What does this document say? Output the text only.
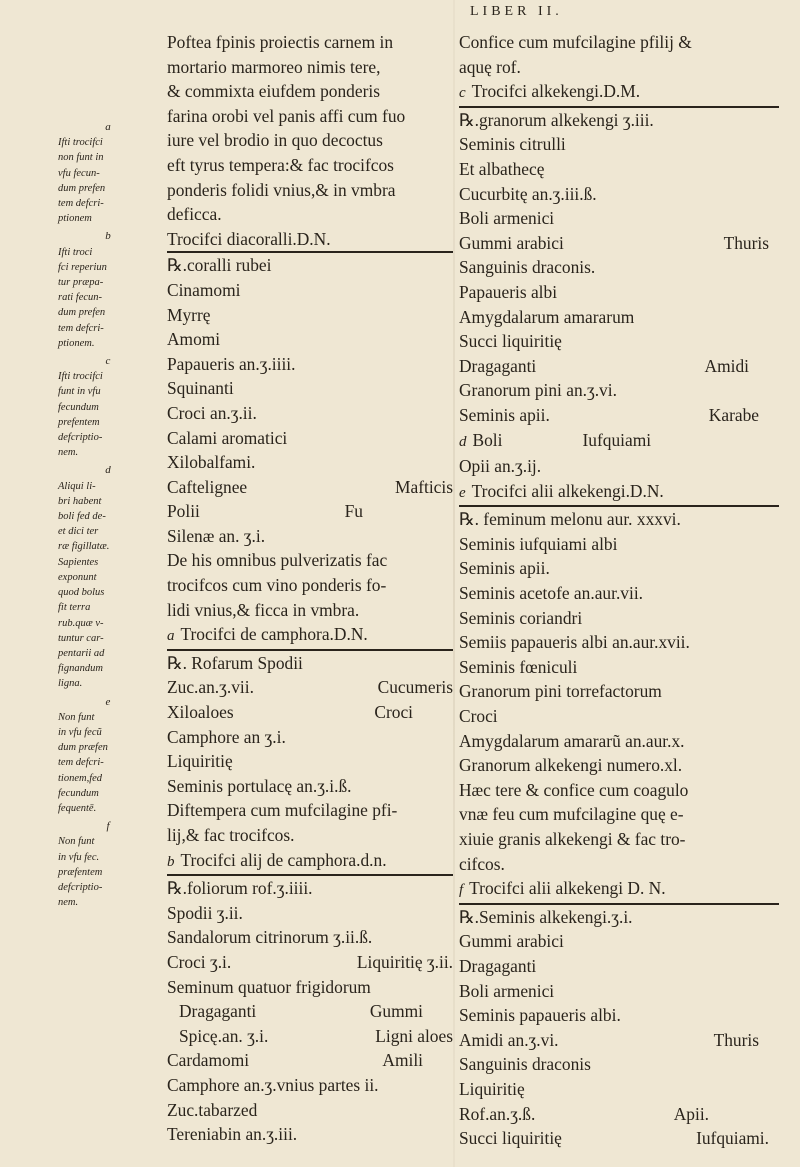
LIBER II.
a
Ifti trocifci
non funt in
vfu fecun-
dum prefen
tem defcri-
ptionem
b
Ifti troci
fci reperiun
tur præpa-
rati fecun-
dum prefen
tem defcri-
ptionem.
c
Ifti trocifci
funt in vfu
fecundum
prefentem
defcriptio-
nem.
d
Aliqui li-
bri habent
boli fed de-
et dici ter
ræ figillatæ.
Sapientes
exponunt
quod bolus
fit terra
rub.quæ v-
tuntur car-
pentarii ad
fignandum
ligna.
e
Non funt
in vfu fecũ
dum præfen
tem defcri-
tionem,fed
fecundum
fequentē.
f
Non funt
in vfu fec.
præfentem
defcriptio-
nem.
Poftea fpinis proiectis carnem in
mortario marmoreo nimis tere,
& commixta eiufdem ponderis
farina orobi vel panis affi cum fuo
iure vel brodio in quo decoctus
eft tyrus tempera:& fac trocifcos
ponderis folidi vnius,& in vmbra
deficca.
Trocifci diacoralli.D.N.
℞.coralli rubei
Cinamomi
Myrrę
Amomi
Papaueris an.ʒ.iiii.
Squinanti
Croci an.ʒ.ii.
Calami aromatici
Xilobalfami.
Caftelignee	Mafticis
Polii	Fu
Silenæ an. ʒ.i.
De his omnibus pulverizatis fac
trocifcos cum vino ponderis fo-
lidi vnius,& ficca in vmbra.
a Trocifci de camphora.D.N.
℞. Rofarum Spodii
Zuc.an.ʒ.vii.	Cucumeris
Xiloaloes	Croci
Camphore an ʒ.i.
Liquiritię
Seminis portulacę an.ʒ.i.ß.
Diftempera cum mufcilagine pfi-
lij,& fac trocifcos.
b Trocifci alij de camphora.d.n.
℞.foliorum rof.ʒ.iiii.
Spodii ʒ.ii.
Sandalorum citrinorum ʒ.ii.ß.
Croci ʒ.i.	Liquiritię ʒ.ii.
Seminum quatuor frigidorum
Dragaganti	Gummi
Spicę.an. ʒ.i.	Ligni aloes
Cardamomi	Amili
Camphore an.ʒ.vnius partes ii.
Zuc.tabarzed
Tereniabin an.ʒ.iii.
Confice cum mufcilagine pfilij &
aquę rof.
c Trocifci alkekengi.D.M.
℞.granorum alkekengi ʒ.iii.
Seminis citrulli
Et albathecę
Cucurbitę an.ʒ.iii.ß.
Boli armenici
Gummi arabici	Thuris
Sanguinis draconis.
Papaueris albi
Amygdalarum amararum
Succi liquiritię
Dragaganti	Amidi
Granorum pini an.ʒ.vi.
Seminis apii.	Karabe
d Boli	Iufquiami
Opii an.ʒ.ij.
e Trocifci alii alkekengi.D.N.
℞. feminum melonu aur. xxxvi.
Seminis iufquiami albi
Seminis apii.
Seminis acetofe an.aur.vii.
Seminis coriandri
Semiis papaueris albi an.aur.xvii.
Seminis fœniculi
Granorum pini torrefactorum
Croci
Amygdalarum amararũ an.aur.x.
Granorum alkekengi numero.xl.
Hæc tere & confice cum coagulo
vnæ feu cum mufcilagine quę e-
xiuie granis alkekengi & fac tro-
cifcos.
f Trocifci alii alkekengi D. N.
℞.Seminis alkekengi.ʒ.i.
Gummi arabici
Dragaganti
Boli armenici
Seminis papaueris albi.
Amidi an.ʒ.vi.	Thuris
Sanguinis draconis
Liquiritię
Rof.an.ʒ.ß.	Apii.
Succi liquiritię	Iufquiami.
